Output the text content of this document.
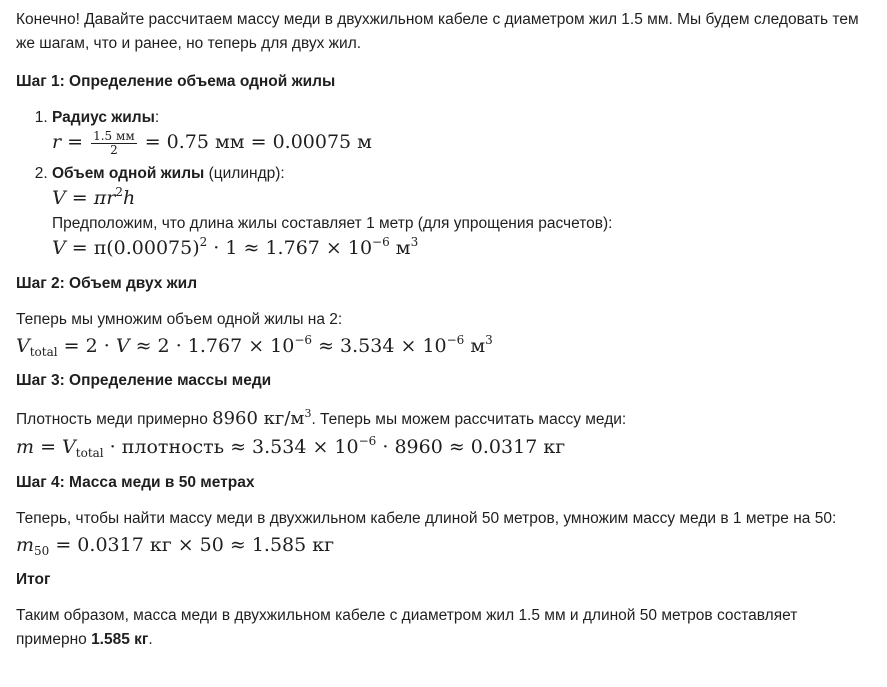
Конечно! Давайте рассчитаем массу меди в двухжильном кабеле с диаметром жил 1.5 мм. Мы будем следовать тем же шагам, что и ранее, но теперь для двух жил.

Шаг 1: Определение объема одной жилы

1. Радиус жилы:
$r = \frac{1.5 мм}{2} = 0.75$ мм = 0.00075 м
2. Объем одной жилы (цилиндр):
$V = \pi r^2h$
Предположим, что длина жилы составляет 1 метр (для упрощения расчетов):
$V = \pi(0.00075)^2 \cdot 1 \approx 1.767 \times 10^{-6}$ $м^3$

Шаг 2: Объем двух жил

Теперь мы умножим объем одной жилы на 2:

$V_{total} = 2 \cdot V \approx 2 \cdot 1.767 \times 10^{-6} \approx 3.534 \times 10^{-6}$ $м^3$

Шаг 3: Определение массы меди

Плотность меди примерно 8960 $кг/м^3$. Теперь мы можем рассчитать массу меди:

$m = V_{total}$ · плотность ≈ $3.534 \times 10^{-6} \cdot 8960 \approx 0.0317$ кг

Шаг 4: Масса меди в 50 метрах

Теперь, чтобы найти массу меди в двухжильном кабеле длиной 50 метров, умножим массу меди в 1 метре на 50:

$m_{50} = 0.0317$ кг × 50 ≈ 1.585 кг

Итог

Таким образом, масса меди в двухжильном кабеле с диаметром жил 1.5 мм и длиной 50 метров составляет примерно 1.585 кг.
